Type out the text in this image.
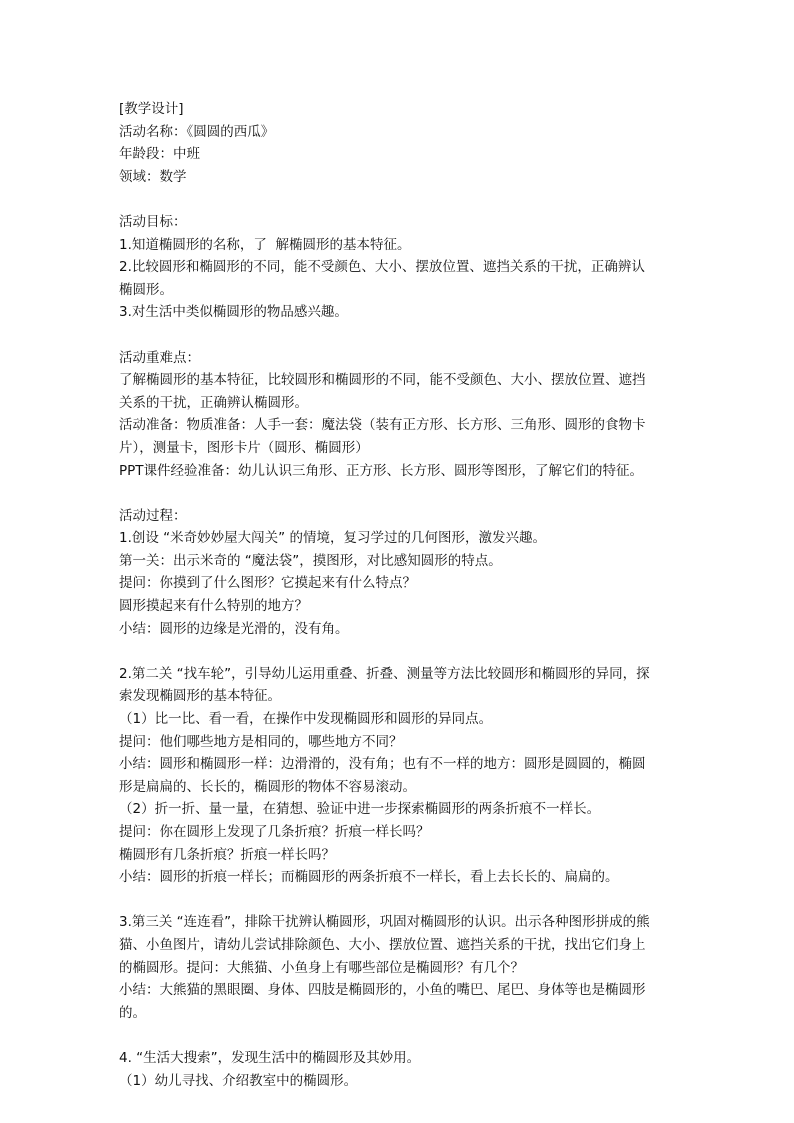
[教学设计]
活动名称：《圆圆的西瓜》
年龄段：中班
领域：数学
活动目标：
1.知道椭圆形的名称，了  解椭圆形的基本特征。
2.比较圆形和椭圆形的不同，能不受颜色、大小、摆放位置、遮挡关系的干扰，正确辨认
椭圆形。
3.对生活中类似椭圆形的物品感兴趣。
活动重难点：
了解椭圆形的基本特征，比较圆形和椭圆形的不同，能不受颜色、大小、摆放位置、遮挡
关系的干扰，正确辨认椭圆形。
活动准备：物质准备：人手一套：魔法袋（装有正方形、长方形、三角形、圆形的食物卡
片），测量卡，图形卡片（圆形、椭圆形）
PPT课件经验准备：幼儿认识三角形、正方形、长方形、圆形等图形，了解它们的特征。
活动过程：
1.创设 “米奇妙妙屋大闯关” 的情境，复习学过的几何图形，激发兴趣。
第一关：出示米奇的 “魔法袋”，摸图形，对比感知圆形的特点。
提问：你摸到了什么图形？它摸起来有什么特点？
圆形摸起来有什么特别的地方？
小结：圆形的边缘是光滑的，没有角。
2.第二关 “找车轮”，引导幼儿运用重叠、折叠、测量等方法比较圆形和椭圆形的异同，探
索发现椭圆形的基本特征。
（1）比一比、看一看，在操作中发现椭圆形和圆形的异同点。
提问：他们哪些地方是相同的，哪些地方不同？
小结：圆形和椭圆形一样：边滑滑的，没有角；也有不一样的地方：圆形是圆圆的，椭圆
形是扁扁的、长长的，椭圆形的物体不容易滚动。
（2）折一折、量一量，在猜想、验证中进一步探索椭圆形的两条折痕不一样长。
提问：你在圆形上发现了几条折痕？折痕一样长吗？
椭圆形有几条折痕？折痕一样长吗？
小结：圆形的折痕一样长；而椭圆形的两条折痕不一样长，看上去长长的、扁扁的。
3.第三关 “连连看”，排除干扰辨认椭圆形，巩固对椭圆形的认识。出示各种图形拼成的熊
猫、小鱼图片，请幼儿尝试排除颜色、大小、摆放位置、遮挡关系的干扰，找出它们身上
的椭圆形。提问：大熊猫、小鱼身上有哪些部位是椭圆形？有几个？
小结：大熊猫的黑眼圈、身体、四肢是椭圆形的，小鱼的嘴巴、尾巴、身体等也是椭圆形
的。
4. “生活大搜索”，发现生活中的椭圆形及其妙用。
（1）幼儿寻找、介绍教室中的椭圆形。
